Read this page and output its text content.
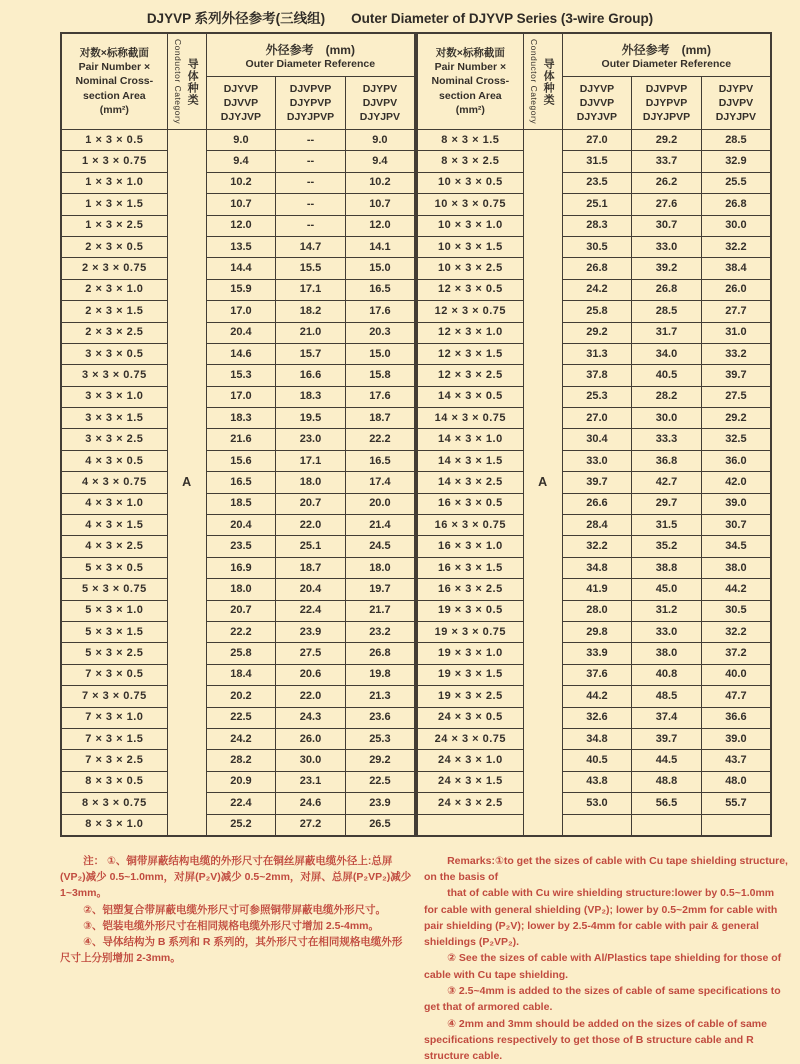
DJYVP 系列外径参考(三线组) Outer Diameter of DJYVP Series (3-wire Group)
对数×标称截面
Pair Number ×
Nominal Cross-
section Area
(mm²)	Conductor Category 导体种类	外径参考　(mm)
Outer Diameter Reference		

		DJYVP
DJVVP
DJYJVP	DJVPVP
DJYPVP
DJYJPVP	DJYPV
DJVPV
DJYJPV

1 × 3 × 0.5	A	9.0	--	9.0
1 × 3 × 0.75		9.4	--	9.4
1 × 3 × 1.0		10.2	--	10.2
1 × 3 × 1.5		10.7	--	10.7
1 × 3 × 2.5		12.0	--	12.0
2 × 3 × 0.5		13.5	14.7	14.1
2 × 3 × 0.75		14.4	15.5	15.0
2 × 3 × 1.0		15.9	17.1	16.5
2 × 3 × 1.5		17.0	18.2	17.6
2 × 3 × 2.5		20.4	21.0	20.3
3 × 3 × 0.5		14.6	15.7	15.0
3 × 3 × 0.75		15.3	16.6	15.8
3 × 3 × 1.0		17.0	18.3	17.6
3 × 3 × 1.5		18.3	19.5	18.7
3 × 3 × 2.5		21.6	23.0	22.2
4 × 3 × 0.5		15.6	17.1	16.5
4 × 3 × 0.75		16.5	18.0	17.4
4 × 3 × 1.0		18.5	20.7	20.0
4 × 3 × 1.5		20.4	22.0	21.4
4 × 3 × 2.5		23.5	25.1	24.5
5 × 3 × 0.5		16.9	18.7	18.0
5 × 3 × 0.75		18.0	20.4	19.7
5 × 3 × 1.0		20.7	22.4	21.7
5 × 3 × 1.5		22.2	23.9	23.2
5 × 3 × 2.5		25.8	27.5	26.8
7 × 3 × 0.5		18.4	20.6	19.8
7 × 3 × 0.75		20.2	22.0	21.3
7 × 3 × 1.0		22.5	24.3	23.6
7 × 3 × 1.5		24.2	26.0	25.3
7 × 3 × 2.5		28.2	30.0	29.2
8 × 3 × 0.5		20.9	23.1	22.5
8 × 3 × 0.75		22.4	24.6	23.9
8 × 3 × 1.0		25.2	27.2	26.5
对数×标称截面
Pair Number ×
Nominal Cross-
section Area
(mm²)	Conductor Category 导体种类	外径参考　(mm)
Outer Diameter Reference		

		DJYVP
DJVVP
DJYJVP	DJVPVP
DJYPVP
DJYJPVP	DJYPV
DJVPV
DJYJPV

8 × 3 × 1.5	A	27.0	29.2	28.5
8 × 3 × 2.5		31.5	33.7	32.9
10 × 3 × 0.5		23.5	26.2	25.5
10 × 3 × 0.75		25.1	27.6	26.8
10 × 3 × 1.0		28.3	30.7	30.0
10 × 3 × 1.5		30.5	33.0	32.2
10 × 3 × 2.5		26.8	39.2	38.4
12 × 3 × 0.5		24.2	26.8	26.0
12 × 3 × 0.75		25.8	28.5	27.7
12 × 3 × 1.0		29.2	31.7	31.0
12 × 3 × 1.5		31.3	34.0	33.2
12 × 3 × 2.5		37.8	40.5	39.7
14 × 3 × 0.5		25.3	28.2	27.5
14 × 3 × 0.75		27.0	30.0	29.2
14 × 3 × 1.0		30.4	33.3	32.5
14 × 3 × 1.5		33.0	36.8	36.0
14 × 3 × 2.5		39.7	42.7	42.0
16 × 3 × 0.5		26.6	29.7	39.0
16 × 3 × 0.75		28.4	31.5	30.7
16 × 3 × 1.0		32.2	35.2	34.5
16 × 3 × 1.5		34.8	38.8	38.0
16 × 3 × 2.5		41.9	45.0	44.2
19 × 3 × 0.5		28.0	31.2	30.5
19 × 3 × 0.75		29.8	33.0	32.2
19 × 3 × 1.0		33.9	38.0	37.2
19 × 3 × 1.5		37.6	40.8	40.0
19 × 3 × 2.5		44.2	48.5	47.7
24 × 3 × 0.5		32.6	37.4	36.6
24 × 3 × 0.75		34.8	39.7	39.0
24 × 3 × 1.0		40.5	44.5	43.7
24 × 3 × 1.5		43.8	48.8	48.0
24 × 3 × 2.5		53.0	56.5	55.7

注： ①、铜带屏蔽结构电缆的外形尺寸在铜丝屏蔽电缆外径上:总屏(VP₂)减少 0.5~1.0mm，对屏(P₂V)减少 0.5~2mm，对屏、总屏(P₂VP₂)减少1~3mm。

②、铝塑复合带屏蔽电缆外形尺寸可参照铜带屏蔽电缆外形尺寸。

③、铠装电缆外形尺寸在相同规格电缆外形尺寸增加 2.5-4mm。

④、导体结构为 B 系列和 R 系列的，其外形尺寸在相同规格电缆外形尺寸上分别增加 2-3mm。

Remarks:①to get the sizes of cable with Cu tape shielding structure, on the basis of

that of cable with Cu wire shielding structure:lower by 0.5~1.0mm for cable with general shielding (VP₂); lower by 0.5~2mm for cable with pair shielding (P₂V); lower by 2.5-4mm for cable with pair & general shieldings (P₂VP₂).

② See the sizes of cable with Al/Plastics tape shielding for those of cable with Cu tape shielding.

③ 2.5~4mm is added to the sizes of cable of same specifications to get that of armored cable.

④ 2mm and 3mm should be added on the sizes of cable of same specifications respectively to get those of B structure cable and R structure cable.
